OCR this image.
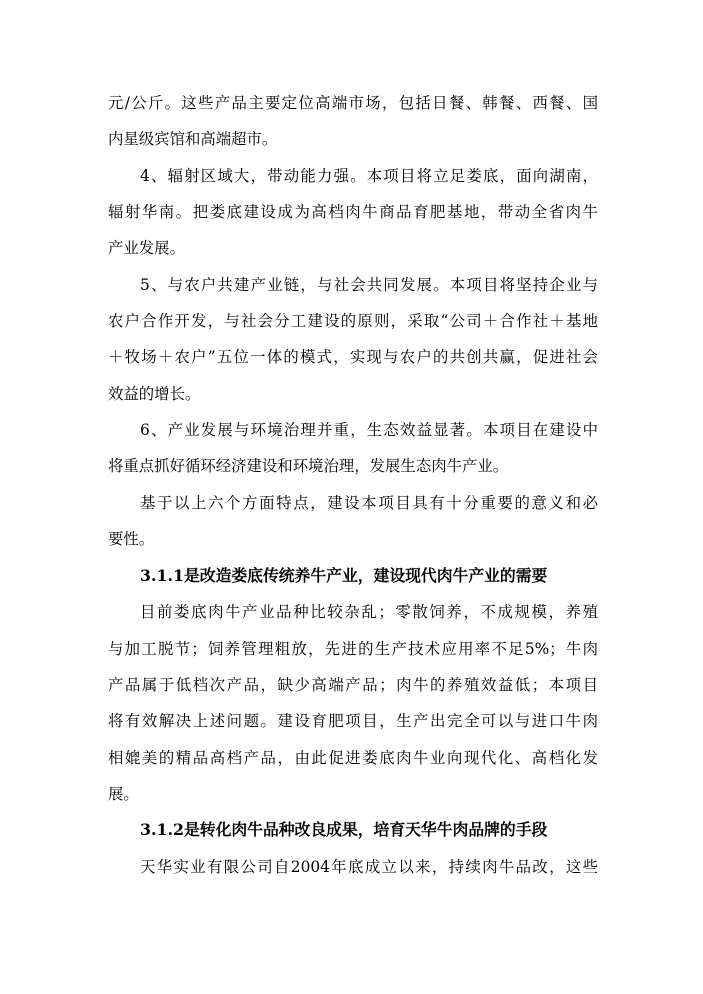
元/公斤。这些产品主要定位高端市场，包括日餐、韩餐、西餐、国
内星级宾馆和高端超市。
4、辐射区域大，带动能力强。本项目将立足娄底，面向湖南，
辐射华南。把娄底建设成为高档肉牛商品育肥基地，带动全省肉牛
产业发展。
5、与农户共建产业链，与社会共同发展。本项目将坚持企业与
农户合作开发，与社会分工建设的原则，采取“公司＋合作社＋基地
＋牧场＋农户”五位一体的模式，实现与农户的共创共赢，促进社会
效益的增长。
6、产业发展与环境治理并重，生态效益显著。本项目在建设中
将重点抓好循环经济建设和环境治理，发展生态肉牛产业。
基于以上六个方面特点，建设本项目具有十分重要的意义和必
要性。
3.1.1是改造娄底传统养牛产业，建设现代肉牛产业的需要
目前娄底肉牛产业品种比较杂乱；零散饲养，不成规模，养殖
与加工脱节；饲养管理粗放，先进的生产技术应用率不足5%；牛肉
产品属于低档次产品，缺少高端产品；肉牛的养殖效益低；本项目
将有效解决上述问题。建设育肥项目，生产出完全可以与进口牛肉
相媲美的精品高档产品，由此促进娄底肉牛业向现代化、高档化发
展。
3.1.2是转化肉牛品种改良成果，培育天华牛肉品牌的手段
天华实业有限公司自2004年底成立以来，持续肉牛品改，这些
